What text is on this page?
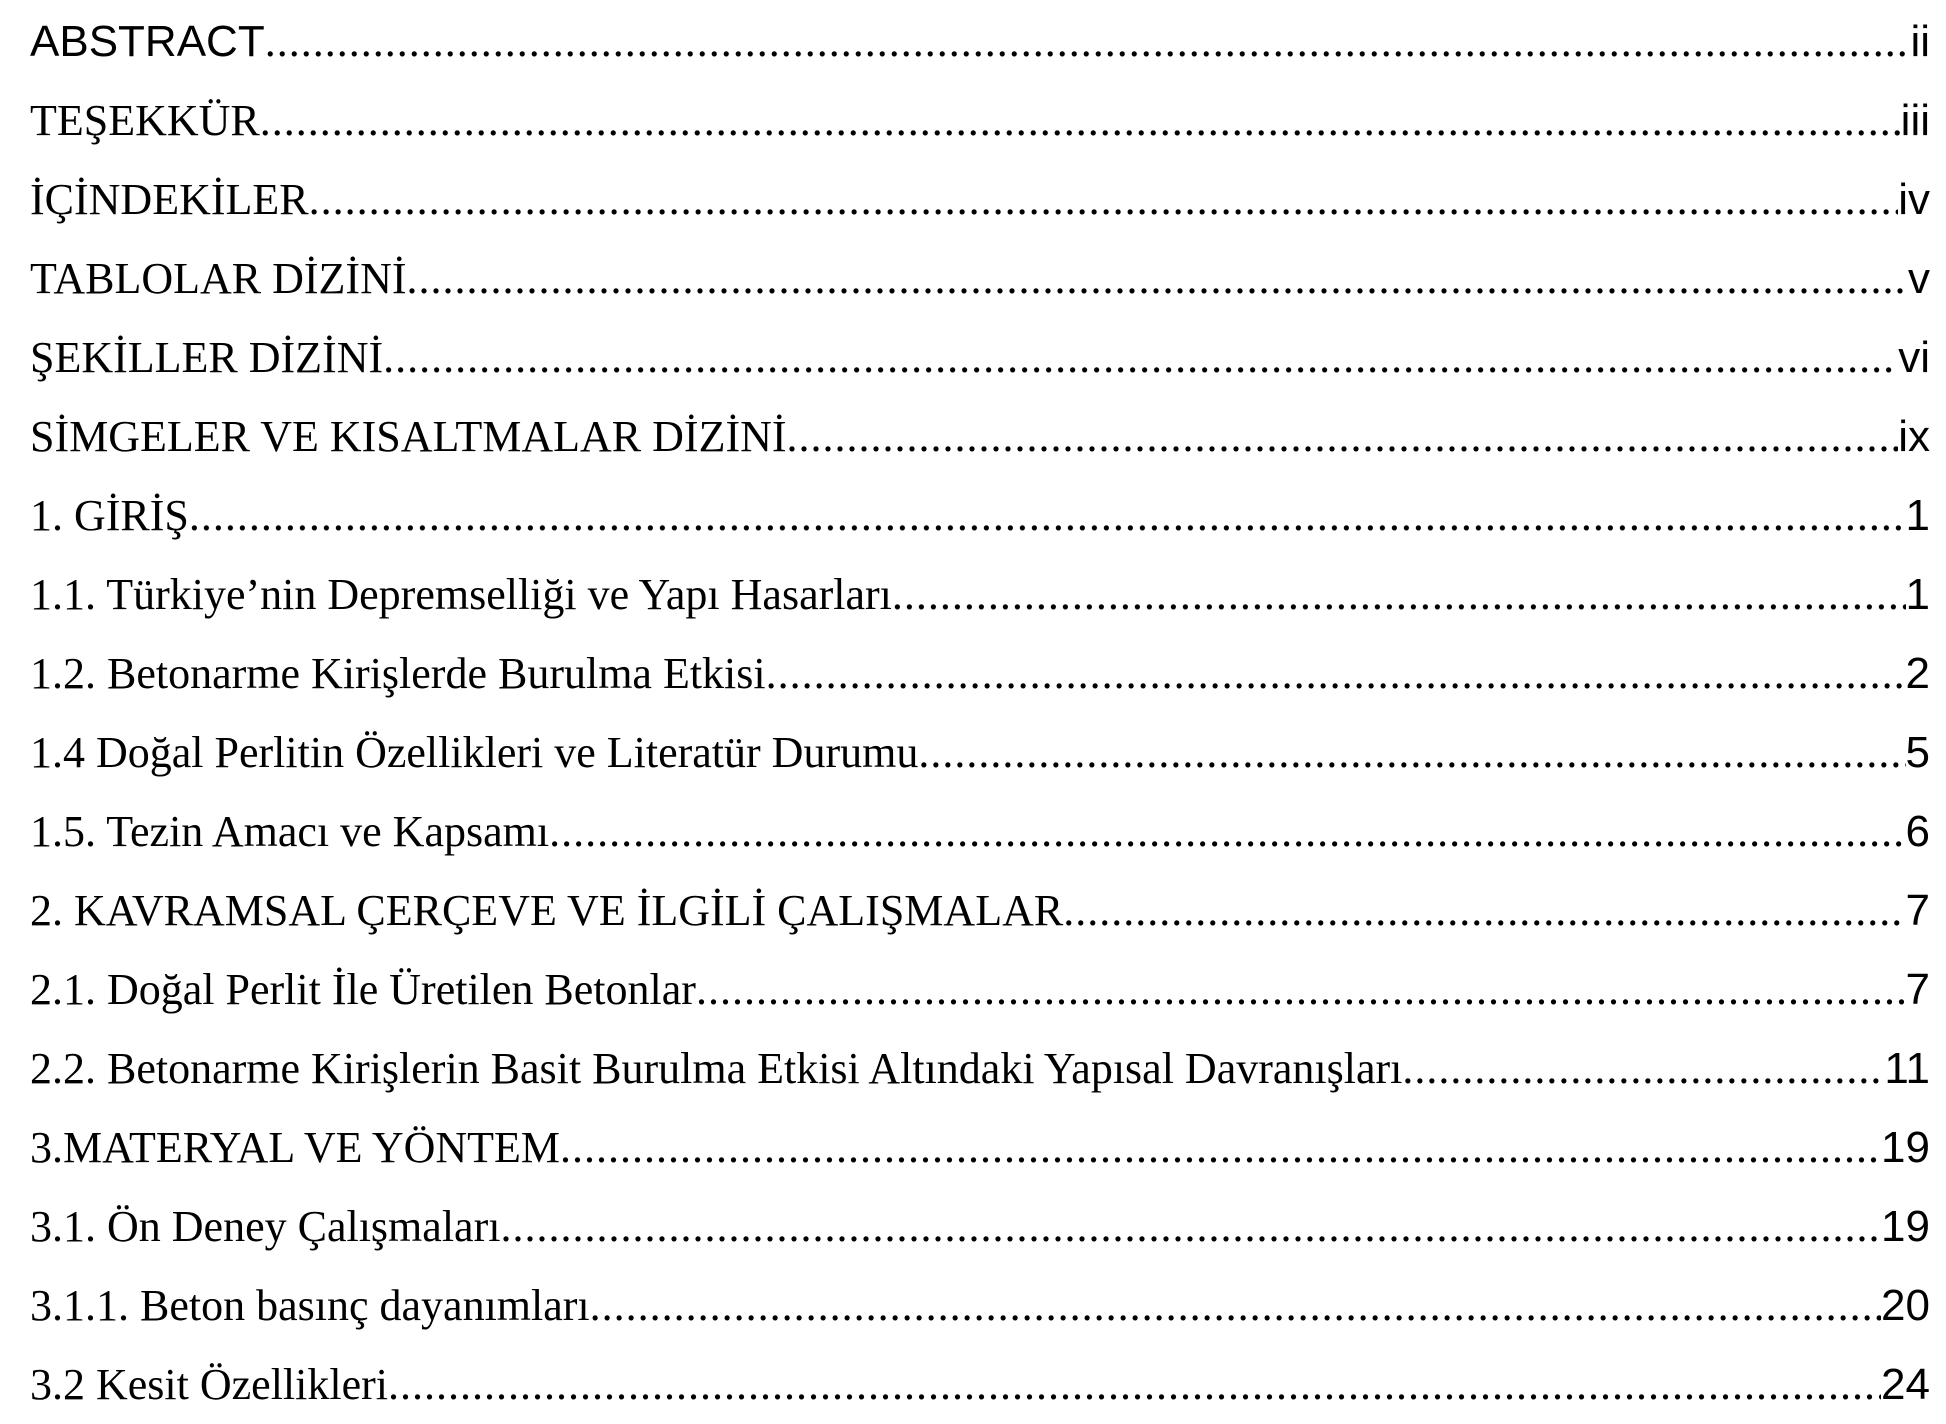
ABSTRACT .....	ii
TEŞEKKÜR .....	iii
İÇİNDEKİLER .....	iv
TABLOLAR DİZİNİ .....	v
ŞEKİLLER DİZİNİ .....	vi
SİMGELER VE KISALTMALAR DİZİNİ .....	ix
1. GİRİŞ .....	1
1.1. Türkiye’nin Depremselliği ve Yapı Hasarları .....	1
1.2. Betonarme Kirişlerde Burulma Etkisi .....	2
1.4 Doğal Perlitin Özellikleri ve Literatür Durumu .....	5
1.5. Tezin Amacı ve Kapsamı .....	6
2. KAVRAMSAL ÇERÇEVE VE İLGİLİ ÇALIŞMALAR .....	7
2.1. Doğal Perlit İle Üretilen Betonlar .....	7
2.2. Betonarme Kirişlerin Basit Burulma Etkisi Altındaki Yapısal Davranışları .....	11
3.MATERYAL VE YÖNTEM .....	19
3.1. Ön Deney Çalışmaları .....	19
3.1.1. Beton basınç dayanımları .....	20
3.2 Kesit Özellikleri .....	24
